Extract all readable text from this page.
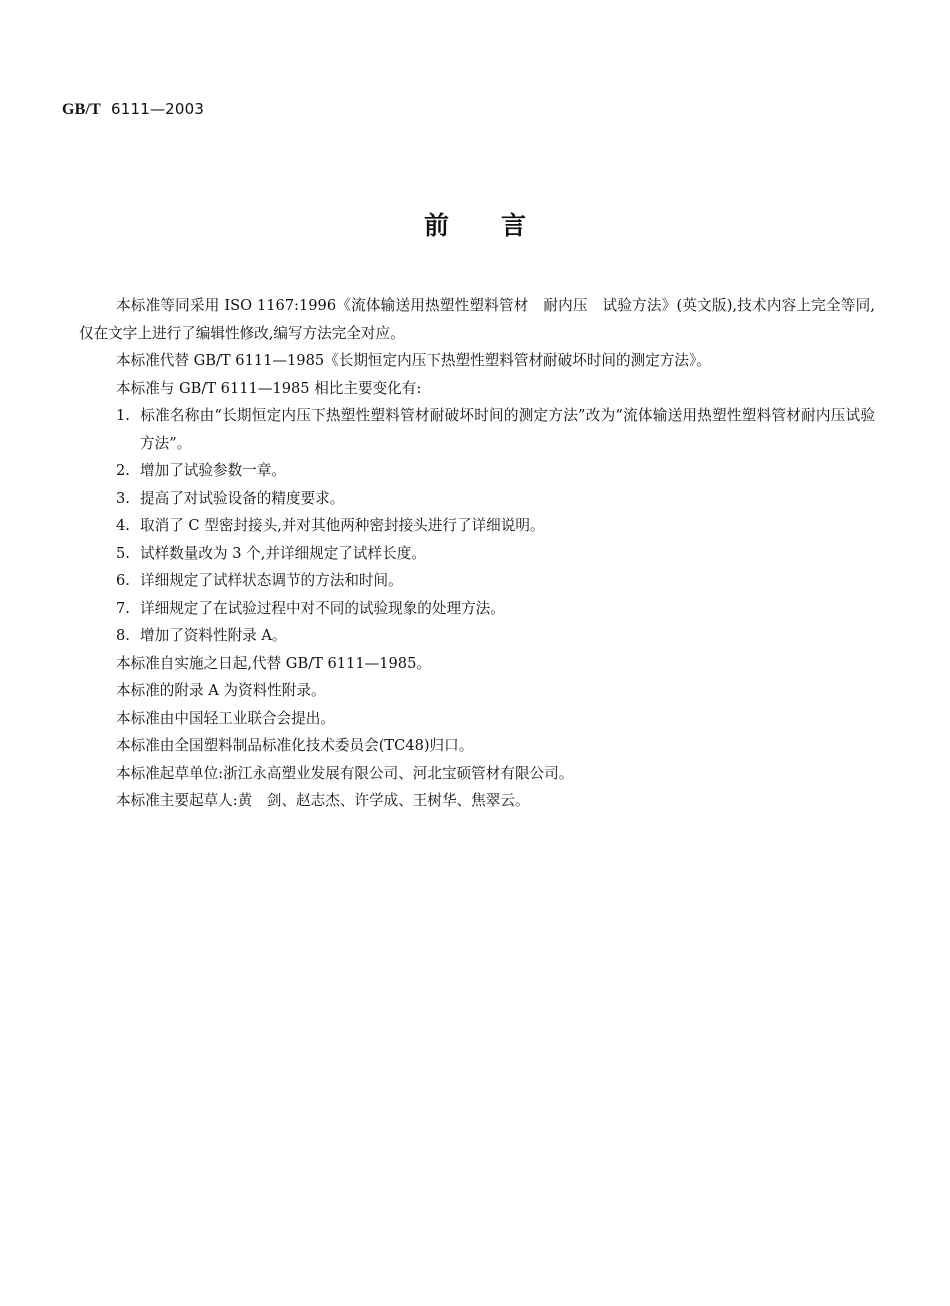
GB/T 6111—2003
前言

本标准等同采用 ISO 1167:1996《流体输送用热塑性塑料管材　耐内压　试验方法》(英文版),技术内容上完全等同,仅在文字上进行了编辑性修改,编写方法完全对应。

本标准代替 GB/T 6111—1985《长期恒定内压下热塑性塑料管材耐破坏时间的测定方法》。

本标准与 GB/T 6111—1985 相比主要变化有:

1. 标准名称由“长期恒定内压下热塑性塑料管材耐破坏时间的测定方法”改为“流体输送用热塑性塑料管材耐内压试验方法”。

2. 增加了试验参数一章。

3. 提高了对试验设备的精度要求。

4. 取消了 C 型密封接头,并对其他两种密封接头进行了详细说明。

5. 试样数量改为 3 个,并详细规定了试样长度。

6. 详细规定了试样状态调节的方法和时间。

7. 详细规定了在试验过程中对不同的试验现象的处理方法。

8. 增加了资料性附录 A。

本标准自实施之日起,代替 GB/T 6111—1985。

本标准的附录 A 为资料性附录。

本标准由中国轻工业联合会提出。

本标准由全国塑料制品标准化技术委员会(TC48)归口。

本标准起草单位:浙江永高塑业发展有限公司、河北宝硕管材有限公司。

本标准主要起草人:黄　剑、赵志杰、许学成、王树华、焦翠云。
